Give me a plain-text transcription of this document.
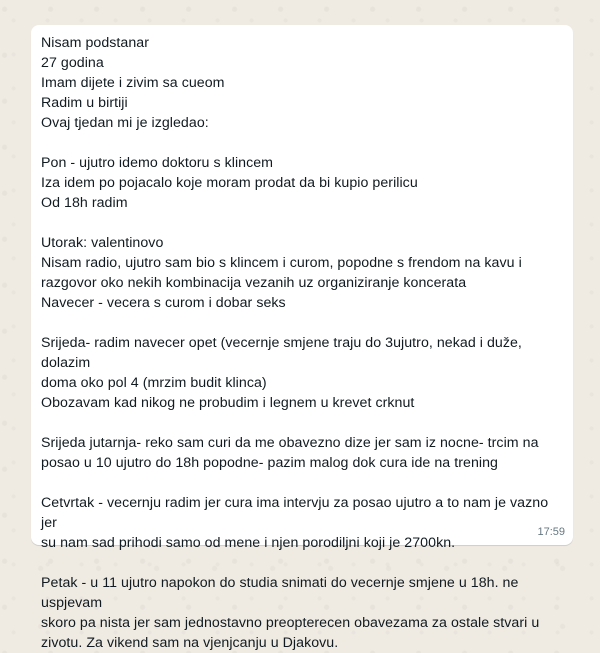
Nisam podstanar
27 godina
Imam dijete i zivim sa cueom
Radim u birtiji
Ovaj tjedan mi je izgledao:
Pon - ujutro idemo doktoru s klincem
Iza idem po pojacalo koje moram prodat da bi kupio perilicu
Od 18h radim
Utorak: valentinovo
Nisam radio, ujutro sam bio s klincem i curom, popodne s frendom na kavu i
razgovor oko nekih kombinacija vezanih uz organiziranje koncerata
Navecer - vecera s curom i dobar seks
Srijeda- radim navecer opet (vecernje smjene traju do 3ujutro, nekad i duže, dolazim
doma oko pol 4 (mrzim budit klinca)
Obozavam kad nikog ne probudim i legnem u krevet crknut
Srijeda jutarnja- reko sam curi da me obavezno dize jer sam iz nocne- trcim na
posao u 10 ujutro do 18h popodne- pazim malog dok cura ide na trening
Cetvrtak - vecernju radim jer cura ima intervju za posao ujutro a to nam je vazno jer
su nam sad prihodi samo od mene i njen porodiljni koji je 2700kn.
Petak - u 11 ujutro napokon do studia snimati do vecernje smjene u 18h. ne uspjevam
skoro pa nista jer sam jednostavno preopterecen obavezama za ostale stvari u
zivotu. Za vikend sam na vjenjcanju u Djakovu.
17:59
